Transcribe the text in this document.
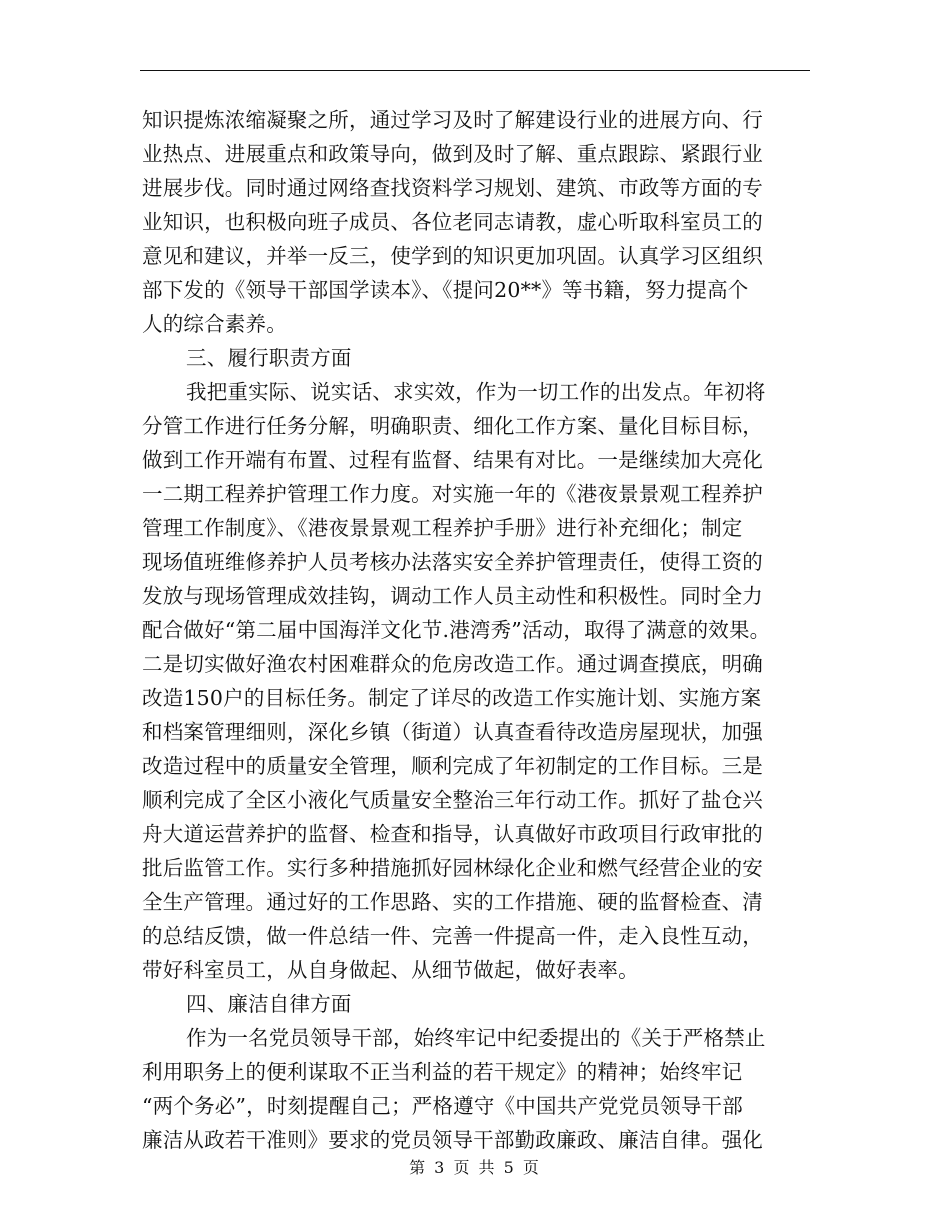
知识提炼浓缩凝聚之所，通过学习及时了解建设行业的进展方向、行
业热点、进展重点和政策导向，做到及时了解、重点跟踪、紧跟行业
进展步伐。同时通过网络查找资料学习规划、建筑、市政等方面的专
业知识，也积极向班子成员、各位老同志请教，虚心听取科室员工的
意见和建议，并举一反三，使学到的知识更加巩固。认真学习区组织
部下发的《领导干部国学读本》、《提问20**》等书籍，努力提高个
人的综合素养。
三、履行职责方面
我把重实际、说实话、求实效，作为一切工作的出发点。年初将
分管工作进行任务分解，明确职责、细化工作方案、量化目标目标，
做到工作开端有布置、过程有监督、结果有对比。一是继续加大亮化
一二期工程养护管理工作力度。对实施一年的《港夜景景观工程养护
管理工作制度》、《港夜景景观工程养护手册》进行补充细化；制定
现场值班维修养护人员考核办法落实安全养护管理责任，使得工资的
发放与现场管理成效挂钩，调动工作人员主动性和积极性。同时全力
配合做好“第二届中国海洋文化节.港湾秀”活动，取得了满意的效果。
二是切实做好渔农村困难群众的危房改造工作。通过调查摸底，明确
改造150户的目标任务。制定了详尽的改造工作实施计划、实施方案
和档案管理细则，深化乡镇（街道）认真查看待改造房屋现状，加强
改造过程中的质量安全管理，顺利完成了年初制定的工作目标。三是
顺利完成了全区小液化气质量安全整治三年行动工作。抓好了盐仓兴
舟大道运营养护的监督、检查和指导，认真做好市政项目行政审批的
批后监管工作。实行多种措施抓好园林绿化企业和燃气经营企业的安
全生产管理。通过好的工作思路、实的工作措施、硬的监督检查、清
的总结反馈，做一件总结一件、完善一件提高一件，走入良性互动，
带好科室员工，从自身做起、从细节做起，做好表率。
四、廉洁自律方面
作为一名党员领导干部，始终牢记中纪委提出的《关于严格禁止
利用职务上的便利谋取不正当利益的若干规定》的精神；始终牢记
“两个务必”，时刻提醒自己；严格遵守《中国共产党党员领导干部
廉洁从政若干准则》要求的党员领导干部勤政廉政、廉洁自律。强化
第 3 页 共 5 页
